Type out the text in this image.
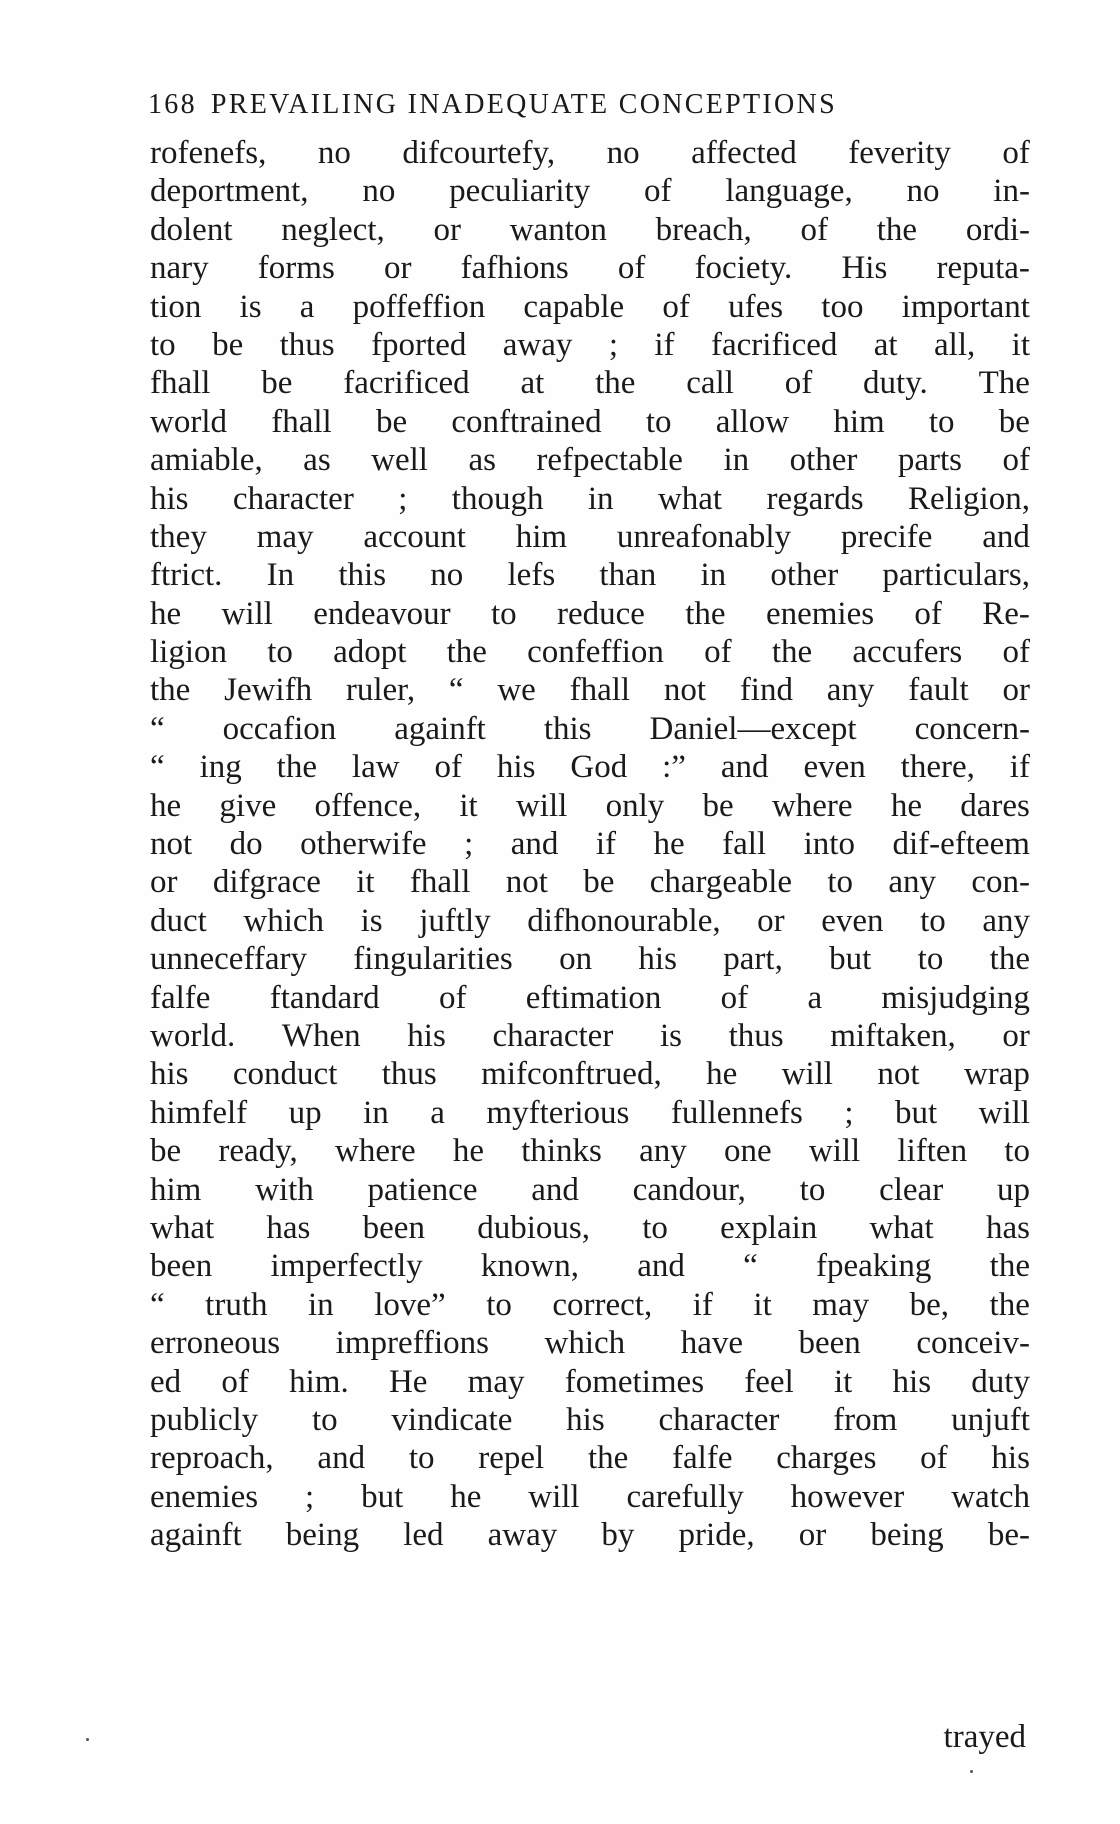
168 PREVAILING INADEQUATE CONCEPTIONS
rofenefs, no difcourtefy, no affected feverity of
deportment, no peculiarity of language, no in-
dolent neglect, or wanton breach, of the ordi-
nary forms or fafhions of fociety. His reputa-
tion is a poffeffion capable of ufes too important
to be thus fported away ; if facrificed at all, it
fhall be facrificed at the call of duty. The
world fhall be conftrained to allow him to be
amiable, as well as refpectable in other parts of
his character ; though in what regards Religion,
they may account him unreafonably precife and
ftrict. In this no lefs than in other particulars,
he will endeavour to reduce the enemies of Re-
ligion to adopt the confeffion of the accufers of
the Jewifh ruler, “ we fhall not find any fault or
“ occafion againft this Daniel—except concern-
“ ing the law of his God :” and even there, if
he give offence, it will only be where he dares
not do otherwife ; and if he fall into dif-efteem
or difgrace it fhall not be chargeable to any con-
duct which is juftly difhonourable, or even to any
unneceffary fingularities on his part, but to the
falfe ftandard of eftimation of a misjudging
world. When his character is thus miftaken, or
his conduct thus mifconftrued, he will not wrap
himfelf up in a myfterious fullennefs ; but will
be ready, where he thinks any one will liften to
him with patience and candour, to clear up
what has been dubious, to explain what has
been imperfectly known, and “ fpeaking the
“ truth in love” to correct, if it may be, the
erroneous impreffions which have been conceiv-
ed of him. He may fometimes feel it his duty
publicly to vindicate his character from unjuft
reproach, and to repel the falfe charges of his
enemies ; but he will carefully however watch
againft being led away by pride, or being be-
trayed
